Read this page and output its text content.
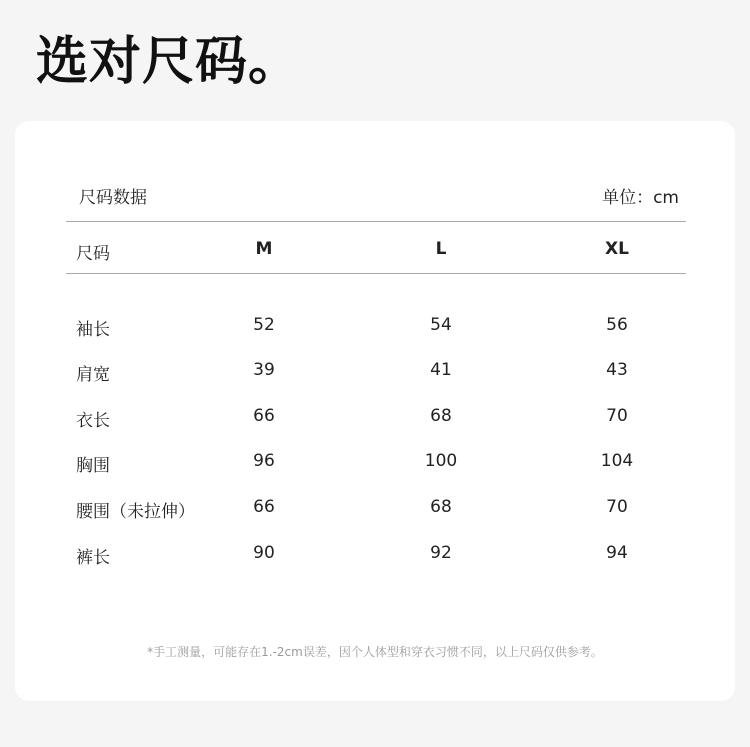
选对尺码。
尺码数据	单位：cm
尺码	M	L	XL
袖长	52	54	56
肩宽	39	41	43
衣长	66	68	70
胸围	96	100	104
腰围（未拉伸）	66	68	70
裤长	90	92	94
*手工测量，可能存在1.-2cm误差，因个人体型和穿衣习惯不同，以上尺码仅供参考。
